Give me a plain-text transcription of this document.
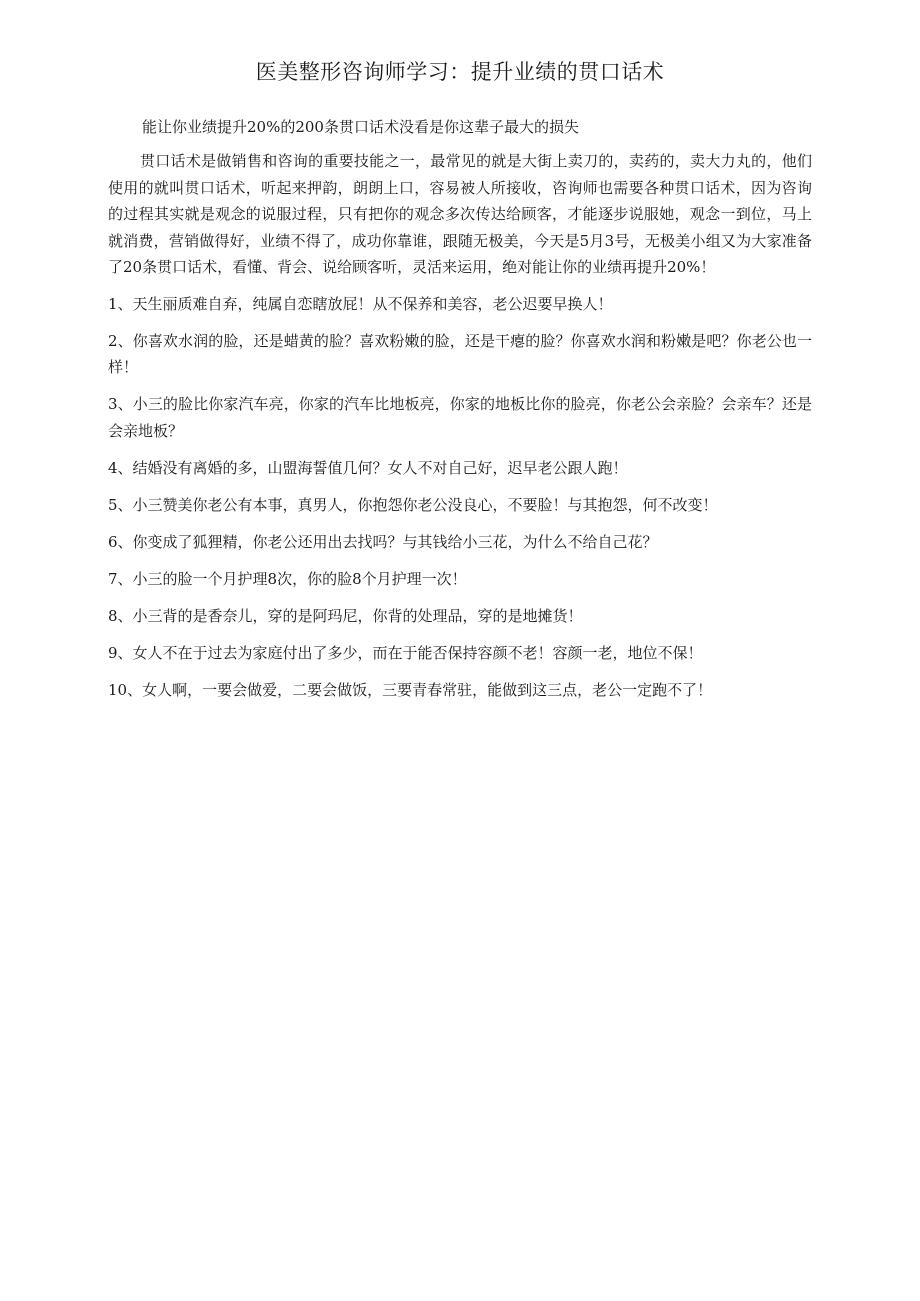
医美整形咨询师学习：提升业绩的贯口话术

能让你业绩提升20%的200条贯口话术没看是你这辈子最大的损失

贯口话术是做销售和咨询的重要技能之一，最常见的就是大街上卖刀的，卖药的，卖大力丸的，他们使用的就叫贯口话术，听起来押韵，朗朗上口，容易被人所接收，咨询师也需要各种贯口话术，因为咨询的过程其实就是观念的说服过程，只有把你的观念多次传达给顾客，才能逐步说服她，观念一到位，马上就消费，营销做得好，业绩不得了，成功你靠谁，跟随无极美，今天是5月3号，无极美小组又为大家准备了20条贯口话术，看懂、背会、说给顾客听，灵活来运用，绝对能让你的业绩再提升20%！

1、天生丽质难自弃，纯属自恋瞎放屁！从不保养和美容，老公迟要早换人！
2、你喜欢水润的脸，还是蜡黄的脸？喜欢粉嫩的脸，还是干瘪的脸？你喜欢水润和粉嫩是吧？你老公也一样！
3、小三的脸比你家汽车亮，你家的汽车比地板亮，你家的地板比你的脸亮，你老公会亲脸？会亲车？还是会亲地板？
4、结婚没有离婚的多，山盟海誓值几何？女人不对自己好，迟早老公跟人跑！
5、小三赞美你老公有本事，真男人，你抱怨你老公没良心，不要脸！与其抱怨，何不改变！
6、你变成了狐狸精，你老公还用出去找吗？与其钱给小三花，为什么不给自己花？
7、小三的脸一个月护理8次，你的脸8个月护理一次！
8、小三背的是香奈儿，穿的是阿玛尼，你背的处理品，穿的是地摊货！
9、女人不在于过去为家庭付出了多少，而在于能否保持容颜不老！容颜一老，地位不保！
10、女人啊，一要会做爱，二要会做饭，三要青春常驻，能做到这三点，老公一定跑不了！
